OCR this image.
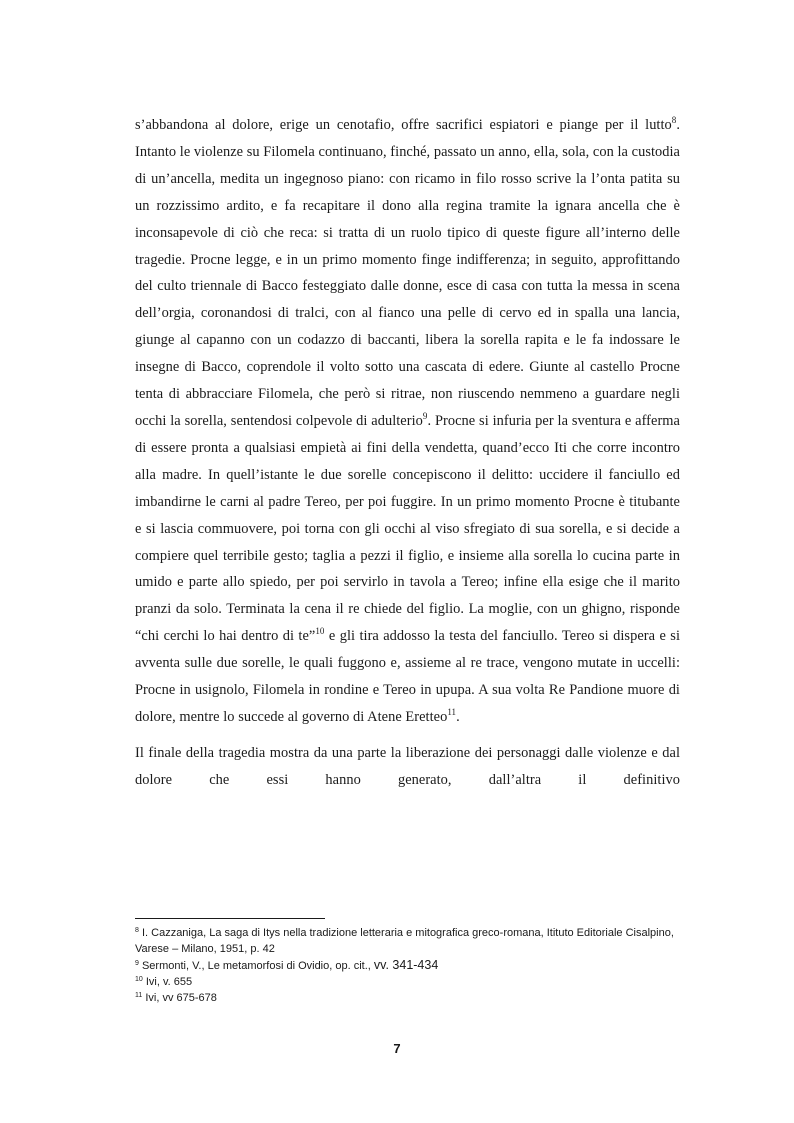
s’abbandona al dolore, erige un cenotafio, offre sacrifici espiatori e piange per il lutto$^8$. Intanto le violenze su Filomela continuano, finché, passato un anno, ella, sola, con la custodia di un’ancella, medita un ingegnoso piano: con ricamo in filo rosso scrive la l’onta patita su un rozzissimo ardito, e fa recapitare il dono alla regina tramite la ignara ancella che è inconsapevole di ciò che reca: si tratta di un ruolo tipico di queste figure all’interno delle tragedie. Procne legge, e in un primo momento finge indifferenza; in seguito, approfittando del culto triennale di Bacco festeggiato dalle donne, esce di casa con tutta la messa in scena dell’orgia, coronandosi di tralci, con al fianco una pelle di cervo ed in spalla una lancia, giunge al capanno con un codazzo di baccanti, libera la sorella rapita e le fa indossare le insegne di Bacco, coprendole il volto sotto una cascata di edere. Giunte al castello Procne tenta di abbracciare Filomela, che però si ritrae, non riuscendo nemmeno a guardare negli occhi la sorella, sentendosi colpevole di adulterio$^9$. Procne si infuria per la sventura e afferma di essere pronta a qualsiasi empietà ai fini della vendetta, quand’ecco Iti che corre incontro alla madre. In quell’istante le due sorelle concepiscono il delitto: uccidere il fanciullo ed imbandirne le carni al padre Tereo, per poi fuggire. In un primo momento Procne è titubante e si lascia commuovere, poi torna con gli occhi al viso sfregiato di sua sorella, e si decide a compiere quel terribile gesto; taglia a pezzi il figlio, e insieme alla sorella lo cucina parte in umido e parte allo spiedo, per poi servirlo in tavola a Tereo; infine ella esige che il marito pranzi da solo. Terminata la cena il re chiede del figlio. La moglie, con un ghigno, risponde “chi cerchi lo hai dentro di te”$^{10}$ e gli tira addosso la testa del fanciullo. Tereo si dispera e si avventa sulle due sorelle, le quali fuggono e, assieme al re trace, vengono mutate in uccelli: Procne in usignolo, Filomela in rondine e Tereo in upupa. A sua volta Re Pandione muore di dolore, mentre lo succede al governo di Atene Eretteo$^{11}$.

Il finale della tragedia mostra da una parte la liberazione dei personaggi dalle violenze e dal dolore che essi hanno generato, dall’altra il definitivo

$^8$ I. Cazzaniga, La saga di Itys nella tradizione letteraria e mitografica greco-romana, Itituto Editoriale Cisalpino, Varese – Milano, 1951, p. 42

$^9$ Sermonti, V., Le metamorfosi di Ovidio, op. cit., vv. 341-434

$^{10}$ Ivi, v. 655

$^{11}$ Ivi, vv 675-678

7
